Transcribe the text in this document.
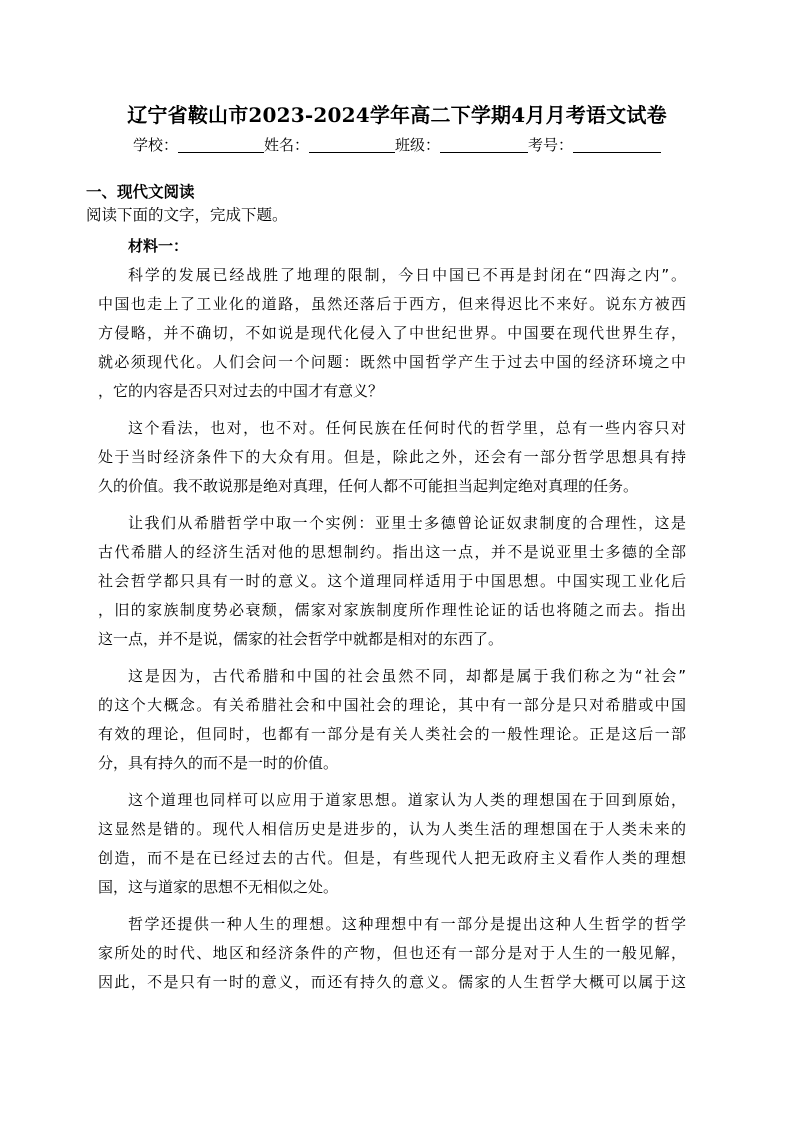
辽宁省鞍山市2023-2024学年高二下学期4月月考语文试卷
学校：	姓名：	班级：	考号：
一、现代文阅读
阅读下面的文字，完成下题。
材料一：

科学的发展已经战胜了地理的限制，今日中国已不再是封闭在“四海之内”。
中国也走上了工业化的道路，虽然还落后于西方，但来得迟比不来好。说东方被西
方侵略，并不确切，不如说是现代化侵入了中世纪世界。中国要在现代世界生存，
就必须现代化。人们会问一个问题：既然中国哲学产生于过去中国的经济环境之中
，它的内容是否只对过去的中国才有意义？

这个看法，也对，也不对。任何民族在任何时代的哲学里，总有一些内容只对
处于当时经济条件下的大众有用。但是，除此之外，还会有一部分哲学思想具有持
久的价值。我不敢说那是绝对真理，任何人都不可能担当起判定绝对真理的任务。

让我们从希腊哲学中取一个实例：亚里士多德曾论证奴隶制度的合理性，这是
古代希腊人的经济生活对他的思想制约。指出这一点，并不是说亚里士多德的全部
社会哲学都只具有一时的意义。这个道理同样适用于中国思想。中国实现工业化后
，旧的家族制度势必衰颓，儒家对家族制度所作理性论证的话也将随之而去。指出
这一点，并不是说，儒家的社会哲学中就都是相对的东西了。

这是因为，古代希腊和中国的社会虽然不同，却都是属于我们称之为“社会”
的这个大概念。有关希腊社会和中国社会的理论，其中有一部分是只对希腊或中国
有效的理论，但同时，也都有一部分是有关人类社会的一般性理论。正是这后一部
分，具有持久的而不是一时的价值。

这个道理也同样可以应用于道家思想。道家认为人类的理想国在于回到原始，
这显然是错的。现代人相信历史是进步的，认为人类生活的理想国在于人类未来的
创造，而不是在已经过去的古代。但是，有些现代人把无政府主义看作人类的理想
国，这与道家的思想不无相似之处。

哲学还提供一种人生的理想。这种理想中有一部分是提出这种人生哲学的哲学
家所处的时代、地区和经济条件的产物，但也还有一部分是对于人生的一般见解，
因此，不是只有一时的意义，而还有持久的意义。儒家的人生哲学大概可以属于这
